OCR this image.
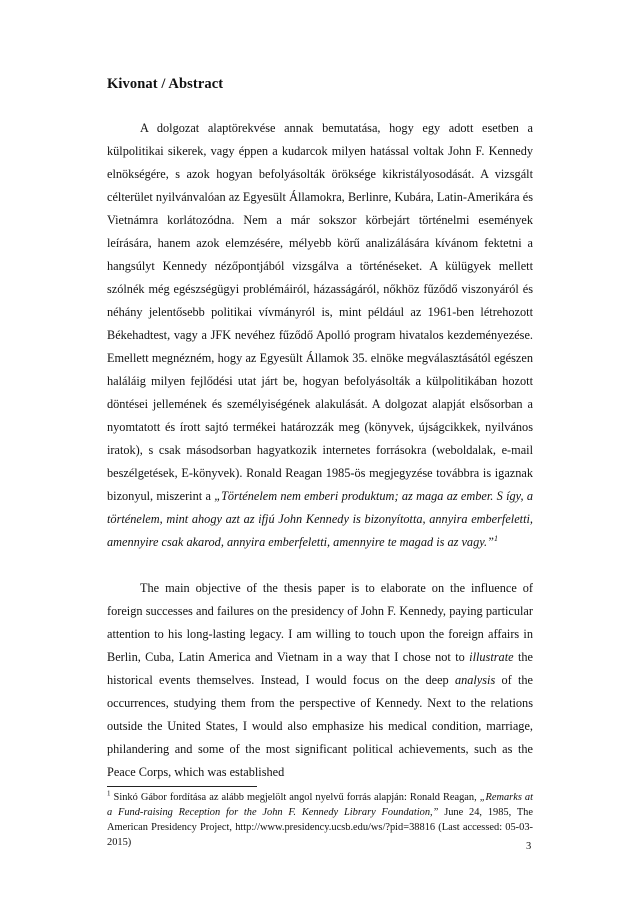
Kivonat / Abstract

A dolgozat alaptörekvése annak bemutatása, hogy egy adott esetben a külpolitikai sikerek, vagy éppen a kudarcok milyen hatással voltak John F. Kennedy elnökségére, s azok hogyan befolyásolták öröksége kikristályosodását. A vizsgált célterület nyilvánvalóan az Egyesült Államokra, Berlinre, Kubára, Latin-Amerikára és Vietnámra korlátozódna. Nem a már sokszor körbejárt történelmi események leírására, hanem azok elemzésére, mélyebb körű analizálására kívánom fektetni a hangsúlyt Kennedy nézőpontjából vizsgálva a történéseket. A külügyek mellett szólnék még egészségügyi problémáiról, házasságáról, nőkhöz fűződő viszonyáról és néhány jelentősebb politikai vívmányról is, mint például az 1961-ben létrehozott Békehadtest, vagy a JFK nevéhez fűződő Apolló program hivatalos kezdeményezése. Emellett megnézném, hogy az Egyesült Államok 35. elnöke megválasztásától egészen haláláig milyen fejlődési utat járt be, hogyan befolyásolták a külpolitikában hozott döntései jellemének és személyiségének alakulását. A dolgozat alapját elsősorban a nyomtatott és írott sajtó termékei határozzák meg (könyvek, újságcikkek, nyilvános iratok), s csak másodsorban hagyatkozik internetes forrásokra (weboldalak, e-mail beszélgetések, E-könyvek). Ronald Reagan 1985-ös megjegyzése továbbra is igaznak bizonyul, miszerint a „Történelem nem emberi produktum; az maga az ember. S így, a történelem, mint ahogy azt az ifjú John Kennedy is bizonyította, annyira emberfeletti, amennyire csak akarod, annyira emberfeletti, amennyire te magad is az vagy.”$^1$

The main objective of the thesis paper is to elaborate on the influence of foreign successes and failures on the presidency of John F. Kennedy, paying particular attention to his long-lasting legacy. I am willing to touch upon the foreign affairs in Berlin, Cuba, Latin America and Vietnam in a way that I chose not to illustrate the historical events themselves. Instead, I would focus on the deep analysis of the occurrences, studying them from the perspective of Kennedy. Next to the relations outside the United States, I would also emphasize his medical condition, marriage, philandering and some of the most significant political achievements, such as the Peace Corps, which was established

$^1$ Sinkó Gábor fordítása az alább megjelölt angol nyelvű forrás alapján: Ronald Reagan, „Remarks at a Fund-raising Reception for the John F. Kennedy Library Foundation,” June 24, 1985, The American Presidency Project, http://www.presidency.ucsb.edu/ws/?pid=38816 (Last accessed: 05-03-2015)	3
